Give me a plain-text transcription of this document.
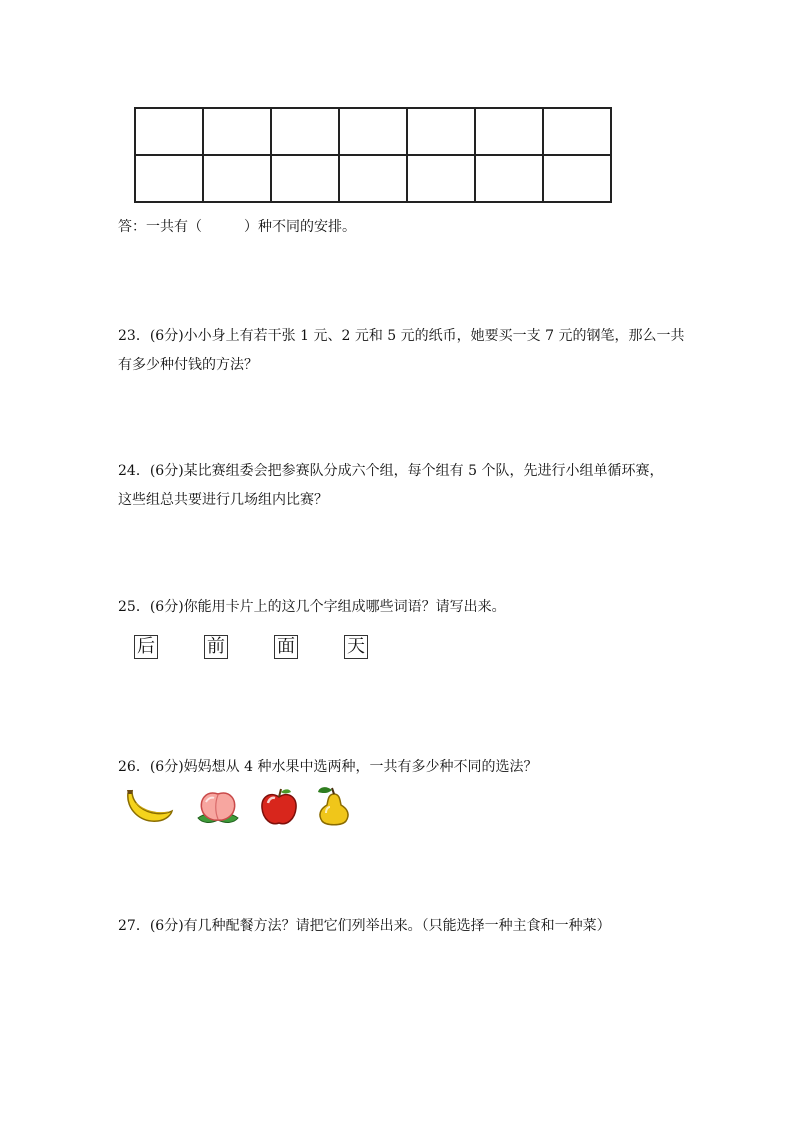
答：一共有（　　　）种不同的安排。
23．(6分)小小身上有若干张 1 元、2 元和 5 元的纸币，她要买一支 7 元的钢笔，那么一共
有多少种付钱的方法？
24．(6分)某比赛组委会把参赛队分成六个组，每个组有 5 个队，先进行小组单循环赛，
这些组总共要进行几场组内比赛？
25．(6分)你能用卡片上的这几个字组成哪些词语？请写出来。
后	前	面	天
26．(6分)妈妈想从 4 种水果中选两种，一共有多少种不同的选法？
27．(6分)有几种配餐方法？请把它们列举出来。（只能选择一种主食和一种菜）
